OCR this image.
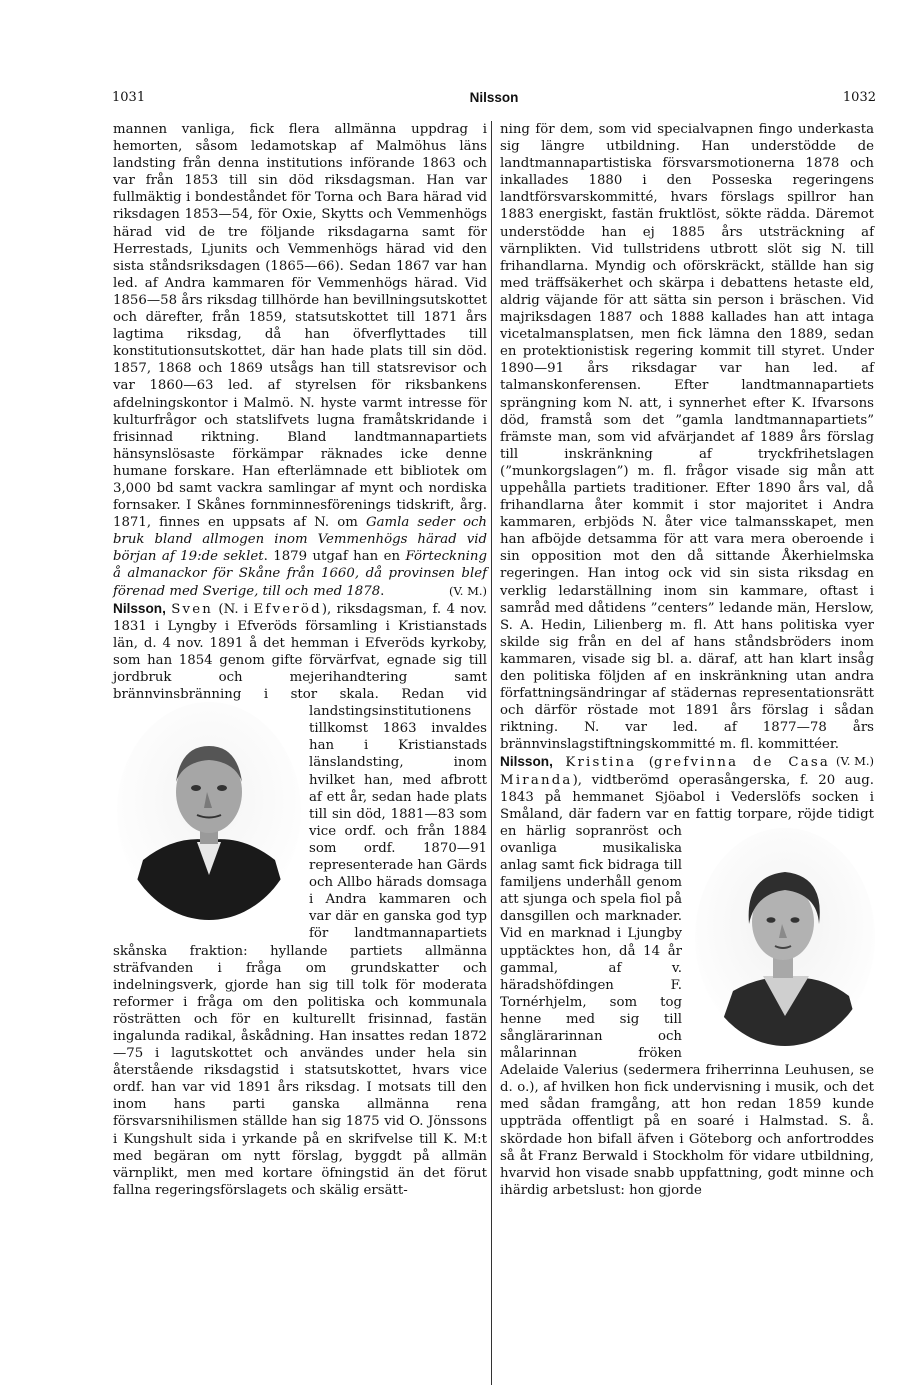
1031	Nilsson	1032

mannen vanliga, fick flera allmänna uppdrag i hemorten, såsom ledamotskap af Malmöhus läns landsting från denna institutions införande 1863 och var från 1853 till sin död riksdagsman. Han var fullmäktig i bondeståndet för Torna och Bara härad vid riksdagen 1853—54, för Oxie, Skytts och Vemmenhögs härad vid de tre följande riksdagarna samt för Herrestads, Ljunits och Vemmenhögs härad vid den sista ståndsriksdagen (1865—66). Sedan 1867 var han led. af Andra kammaren för Vemmenhögs härad. Vid 1856—58 års riksdag tillhörde han bevillningsutskottet och därefter, från 1859, statsutskottet till 1871 års lagtima riksdag, då han öfverflyttades till konstitutionsutskottet, där han hade plats till sin död. 1857, 1868 och 1869 utsågs han till statsrevisor och var 1860—63 led. af styrelsen för riksbankens afdelningskontor i Malmö. N. hyste varmt intresse för kulturfrågor och statslifvets lugna framåtskridande i frisinnad riktning. Bland landtmannapartiets hänsynslösaste förkämpar räknades icke denne humane forskare. Han efterlämnade ett bibliotek om 3,000 bd samt vackra samlingar af mynt och nordiska fornsaker. I Skånes fornminnesförenings tidskrift, årg. 1871, finnes en uppsats af N. om Gamla seder och bruk bland allmogen inom Vemmenhögs härad vid början af 19:de seklet. 1879 utgaf han en Förteckning å almanackor för Skåne från 1660, då provinsen blef förenad med Sverige, till och med 1878.	(V. M.)

Nilsson, Sven (N. i Efveröd), riksdagsman, f. 4 nov. 1831 i Lyngby i Efveröds församling i Kristianstads län, d. 4 nov. 1891 å det hemman i Efveröds kyrkoby, som han 1854 genom gifte förvärfvat, egnade sig till jordbruk och mejerihandtering samt brännvinsbränning i stor skala. Redan vid landstingsinstitutionens tillkomst 1863 invaldes han i Kristianstads länslandsting, inom hvilket han, med afbrott af ett år, sedan hade plats till sin död, 1881—83 som vice ordf. och från 1884 som ordf. 1870—91 representerade han Gärds och Allbo härads domsaga i Andra kammaren och var där en ganska god typ för landtmannapartiets skånska fraktion: hyllande partiets allmänna sträfvanden i fråga om grundskatter och indelningsverk, gjorde han sig till tolk för moderata reformer i fråga om den politiska och kommunala rösträtten och för en kulturellt frisinnad, fastän ingalunda radikal, åskådning. Han insattes redan 1872—75 i lagutskottet och användes under hela sin återstående riksdagstid i statsutskottet, hvars vice ordf. han var vid 1891 års riksdag. I motsats till den inom hans parti ganska allmänna rena försvarsnihilismen ställde han sig 1875 vid O. Jönssons i Kungshult sida i yrkande på en skrifvelse till K. M:t med begäran om nytt förslag, byggdt på allmän värnplikt, men med kortare öfningstid än det förut fallna regeringsförslagets och skälig ersätt-

ning för dem, som vid specialvapnen fingo underkasta sig längre utbildning. Han understödde de landtmannapartistiska försvarsmotionerna 1878 och inkallades 1880 i den Posseska regeringens landtförsvarskommitté, hvars förslags spillror han 1883 energiskt, fastän fruktlöst, sökte rädda. Däremot understödde han ej 1885 års utsträckning af värnplikten. Vid tullstridens utbrott slöt sig N. till frihandlarna. Myndig och oförskräckt, ställde han sig med träffsäkerhet och skärpa i debattens hetaste eld, aldrig väjande för att sätta sin person i bräschen. Vid majriksdagen 1887 och 1888 kallades han att intaga vicetalmansplatsen, men fick lämna den 1889, sedan en protektionistisk regering kommit till styret. Under 1890—91 års riksdagar var han led. af talmanskonferensen. Efter landtmannapartiets sprängning kom N. att, i synnerhet efter K. Ifvarsons död, framstå som det ”gamla landtmannapartiets” främste man, som vid afvärjandet af 1889 års förslag till inskränkning af tryckfrihetslagen (”munkorgslagen”) m. fl. frågor visade sig mån att uppehålla partiets traditioner. Efter 1890 års val, då frihandlarna åter kommit i stor majoritet i Andra kammaren, erbjöds N. åter vice talmansskapet, men han afböjde detsamma för att vara mera oberoende i sin opposition mot den då sittande Åkerhielmska regeringen. Han intog ock vid sin sista riksdag en verklig ledarställning inom sin kammare, oftast i samråd med dåtidens ”centers” ledande män, Herslow, S. A. Hedin, Lilienberg m. fl. Att hans politiska vyer skilde sig från en del af hans ståndsbröders inom kammaren, visade sig bl. a. däraf, att han klart insåg den politiska följden af en inskränkning utan andra författningsändringar af städernas representationsrätt och därför röstade mot 1891 års förslag i sådan riktning. N. var led. af 1877—78 års brännvinslagstiftningskommitté m. fl. kommittéer.
(V. M.)

Nilsson, Kristina (grefvinna de Casa Miranda), vidtberömd operasångerska, f. 20 aug. 1843 på hemmanet Sjöabol i Vederslöfs socken i Småland, där fadern var en fattig torpare, röjde tidigt en härlig sopranröst och ovanliga musikaliska anlag samt fick bidraga till familjens underhåll genom att sjunga och spela fiol på dansgillen och marknader. Vid en marknad i Ljungby upptäcktes hon, då 14 år gammal, af v. häradshöfdingen F. Tornérhjelm, som tog henne med sig till sånglärarinnan och målarinnan fröken Adelaide Valerius (sedermera friherrinna Leuhusen, se d. o.), af hvilken hon fick undervisning i musik, och det med sådan framgång, att hon redan 1859 kunde uppträda offentligt på en soaré i Halmstad. S. å. skördade hon bifall äfven i Göteborg och anfortroddes så åt Franz Berwald i Stockholm för vidare utbildning, hvarvid hon visade snabb uppfattning, godt minne och ihärdig arbetslust: hon gjorde
